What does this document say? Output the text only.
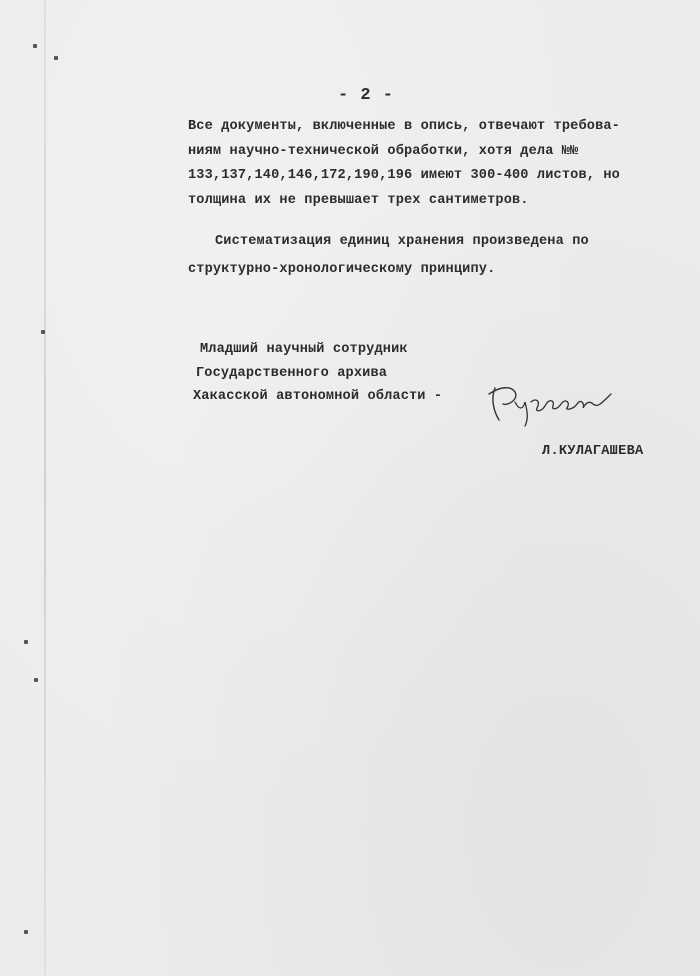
- 2 -
Все документы, включенные в опись, отвечают требова-
ниям научно-технической обработки, хотя дела №№
133,137,140,146,172,190,196 имеют 300-400 листов, но
толщина их не превышает трех сантиметров.
Систематизация единиц хранения произведена по
структурно-хронологическому принципу.
Младший научный сотрудник
Государственного архива
Хакасской автономной области -
Л.КУЛАГАШЕВА
